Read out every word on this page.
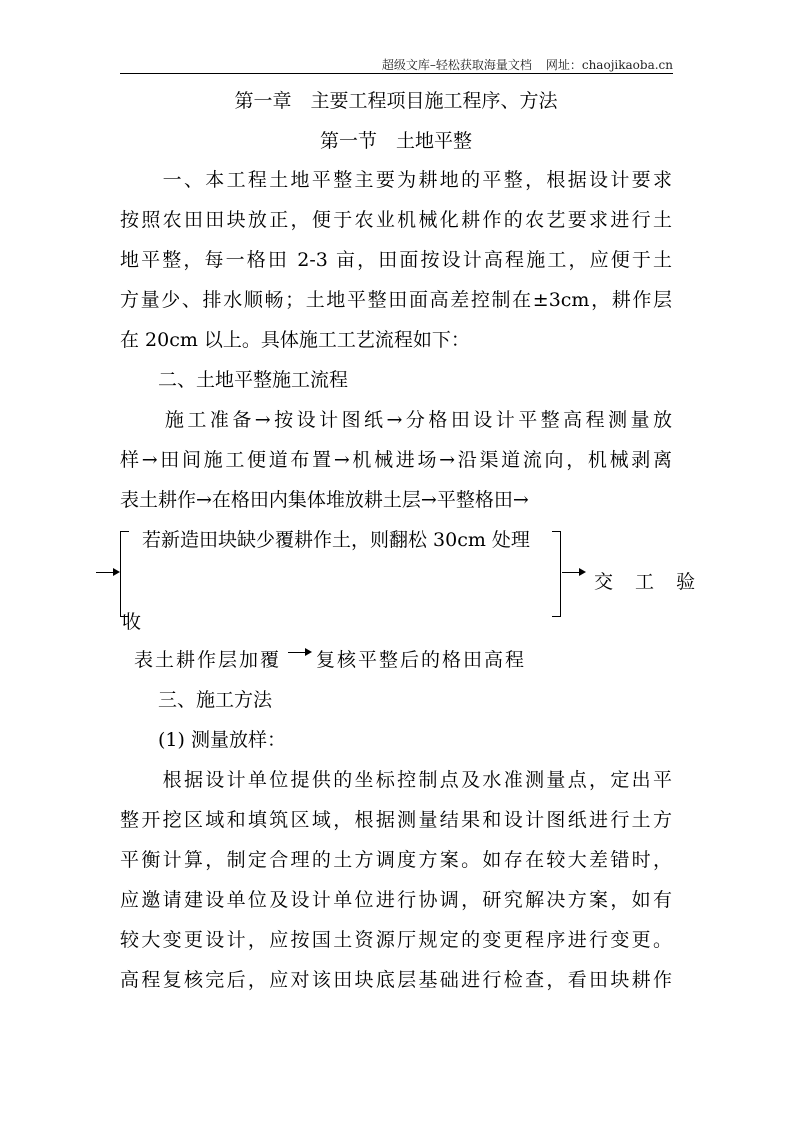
超级文库–轻松获取海量文档 网址：chaojikaoba.cn
第一章　主要工程项目施工程序、方法
第一节　土地平整
　　一、本工程土地平整主要为耕地的平整，根据设计要求
按照农田田块放正，便于农业机械化耕作的农艺要求进行土
地平整，每一格田 2-3 亩，田面按设计高程施工，应便于土
方量少、排水顺畅；土地平整田面高差控制在±3cm，耕作层
在 20cm 以上。具体施工工艺流程如下：
　　二、土地平整施工流程
　　施工准备→按设计图纸→分格田设计平整高程测量放
样→田间施工便道布置→机械进场→沿渠道流向，机械剥离
表土耕作→在格田内集体堆放耕土层→平整格田→
若新造田块缺少覆耕作土，则翻松 30cm 处理
交 工 验
收
表土耕作层加覆 复核平整后的格田高程
　　三、施工方法
　　(1) 测量放样：
　　根据设计单位提供的坐标控制点及水准测量点，定出平
整开挖区域和填筑区域，根据测量结果和设计图纸进行土方
平衡计算，制定合理的土方调度方案。如存在较大差错时，
应邀请建设单位及设计单位进行协调，研究解决方案，如有
较大变更设计，应按国土资源厅规定的变更程序进行变更。
高程复核完后，应对该田块底层基础进行检查，看田块耕作
